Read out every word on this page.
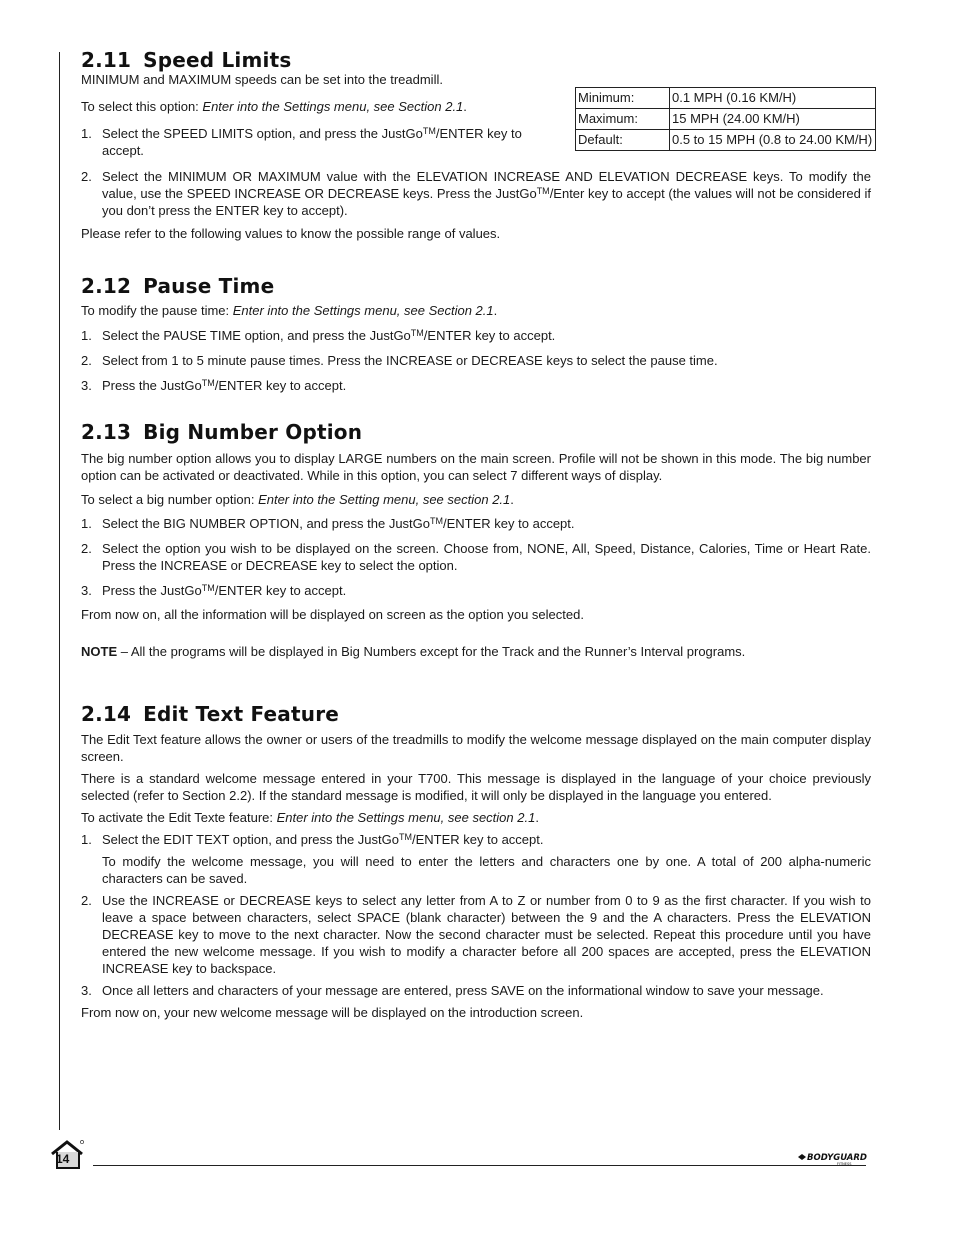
Minimum:	0.1 MPH (0.16 KM/H)
Maximum:	15 MPH (24.00 KM/H)
Default:	0.5 to 15 MPH (0.8 to 24.00 KM/H)
2.11 Speed Limits

MINIMUM and MAXIMUM speeds can be set into the treadmill.

To select this option: Enter into the Settings menu, see Section 2.1.

1. Select the SPEED LIMITS option, and press the JustGo™/ENTER key to accept.
2. Select the MINIMUM OR MAXIMUM value with the ELEVATION INCREASE AND ELEVATION DECREASE keys. To modify the value, use the SPEED INCREASE OR DECREASE keys. Press the JustGo™/Enter key to accept (the values will not be considered if you don’t press the ENTER key to accept).

Please refer to the following values to know the possible range of values.

2.12 Pause Time

To modify the pause time: Enter into the Settings menu, see Section 2.1.

1. Select the PAUSE TIME option, and press the JustGo™/ENTER key to accept.
2. Select from 1 to 5 minute pause times. Press the INCREASE or DECREASE keys to select the pause time.
3. Press the JustGo™/ENTER key to accept.
2.13 Big Number Option

The big number option allows you to display LARGE numbers on the main screen. Profile will not be shown in this mode. The big number option can be activated or deactivated. While in this option, you can select 7 different ways of display.

To select a big number option: Enter into the Setting menu, see section 2.1.

1. Select the BIG NUMBER OPTION, and press the JustGo™/ENTER key to accept.
2. Select the option you wish to be displayed on the screen. Choose from, NONE, All, Speed, Distance, Calories, Time or Heart Rate. Press the INCREASE or DECREASE key to select the option.
3. Press the JustGo™/ENTER key to accept.

From now on, all the information will be displayed on screen as the option you selected.

NOTE – All the programs will be displayed in Big Numbers except for the Track and the Runner’s Interval programs.

2.14 Edit Text Feature

The Edit Text feature allows the owner or users of the treadmills to modify the welcome message displayed on the main computer display screen.

There is a standard welcome message entered in your T700. This message is displayed in the language of your choice previously selected (refer to Section 2.2). If the standard message is modified, it will only be displayed in the language you entered.

To activate the Edit Texte feature: Enter into the Settings menu, see section 2.1.

1. Select the EDIT TEXT option, and press the JustGo™/ENTER key to accept.

To modify the welcome message, you will need to enter the letters and characters one by one. A total of 200 alpha-numeric characters can be saved.

2. Use the INCREASE or DECREASE keys to select any letter from A to Z or number from 0 to 9 as the first character. If you wish to leave a space between characters, select SPACE (blank character) between the 9 and the A characters. Press the ELEVATION DECREASE key to move to the next character. Now the second character must be selected. Repeat this procedure until you have entered the new welcome message. If you wish to modify a character before all 200 spaces are accepted, press the ELEVATION INCREASE key to backspace.
3. Once all letters and characters of your message are entered, press SAVE on the informational window to save your message.

From now on, your new welcome message will be displayed on the introduction screen.

14	BODYGUARD
FITNESS
